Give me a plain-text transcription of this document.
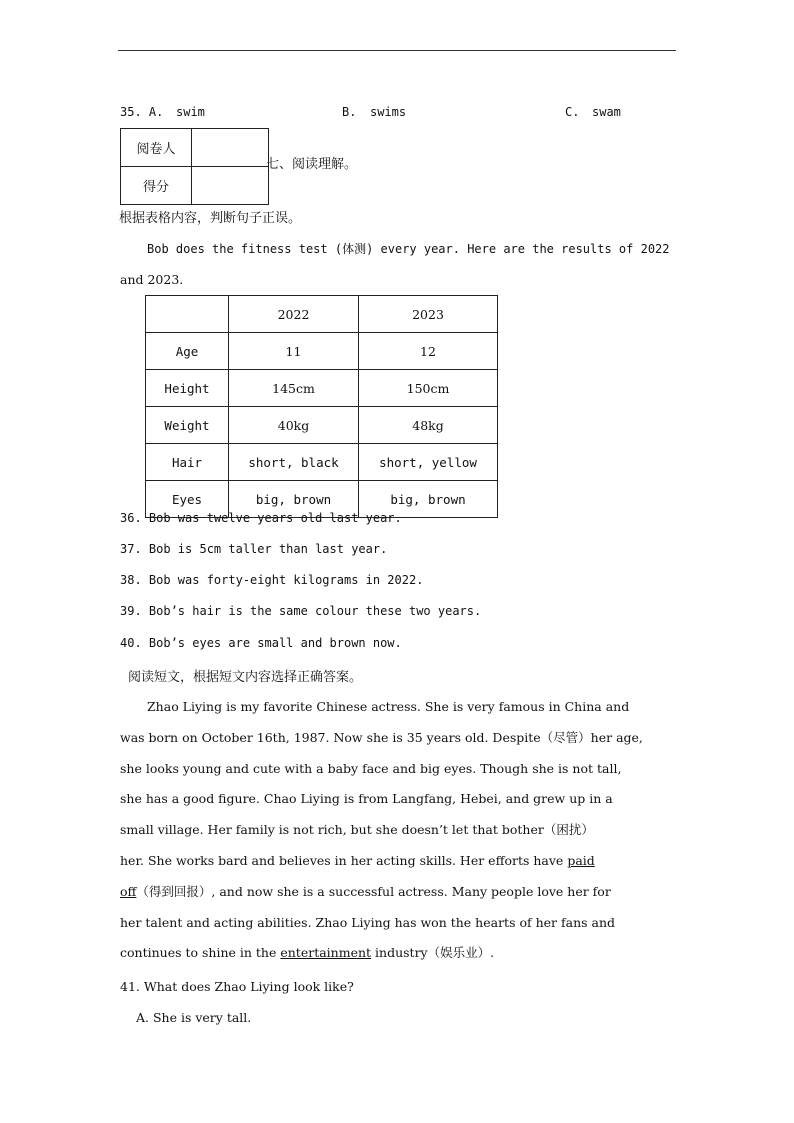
35. A. swim	B. swims	C. swam
阅卷人	
得分	
七、阅读理解。
根据表格内容，判断句子正误。
Bob does the fitness test (体测) every year. Here are the results of 2022
and 2023.
	2022	2023
Age	11	12
Height	145cm	150cm
Weight	40kg	48kg
Hair	short, black	short, yellow
Eyes	big, brown	big, brown
36. Bob was twelve years old last year.
37. Bob is 5cm taller than last year.
38. Bob was forty-eight kilograms in 2022.
39. Bob’s hair is the same colour these two years.
40. Bob’s eyes are small and brown now.
阅读短文，根据短文内容选择正确答案。
Zhao Liying is my favorite Chinese actress. She is very famous in China and
was born on October 16th, 1987. Now she is 35 years old. Despite（尽管）her age,
she looks young and cute with a baby face and big eyes. Though she is not tall,
she has a good figure. Chao Liying is from Langfang, Hebei, and grew up in a
small village. Her family is not rich, but she doesn’t let that bother（困扰）
her. She works bard and believes in her acting skills. Her efforts have paid
off（得到回报）, and now she is a successful actress. Many people love her for
her talent and acting abilities. Zhao Liying has won the hearts of her fans and
continues to shine in the entertainment industry（娱乐业）.
41. What does Zhao Liying look like?
A. She is very tall.
